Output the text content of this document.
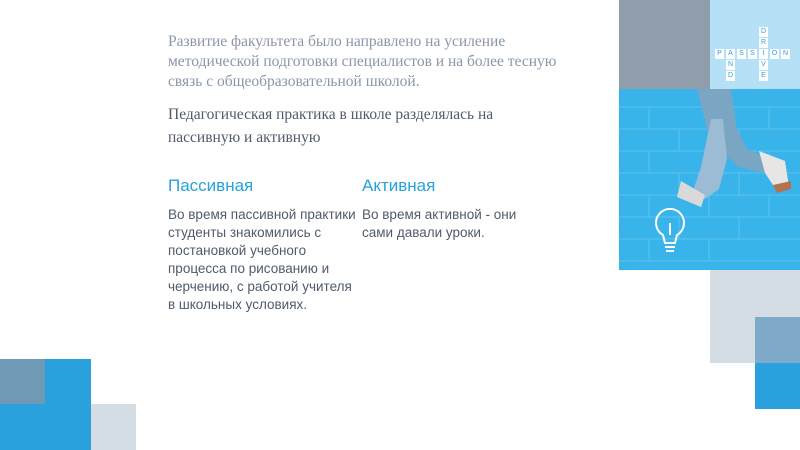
P A S S	I	O N
N
D
D
R
V
E
Развитие факультета было направлено на усиление методической подготовки специалистов и на более тесную связь с общеобразовательной школой.
Педагогическая практика в школе разделялась на пассивную и активную
Пассивная
Во время пассивной практики студенты знакомились с постановкой учебного процесса по рисованию и черчению, с работой учителя в школьных условиях.
Активная
Во время активной - они сами давали уроки.
